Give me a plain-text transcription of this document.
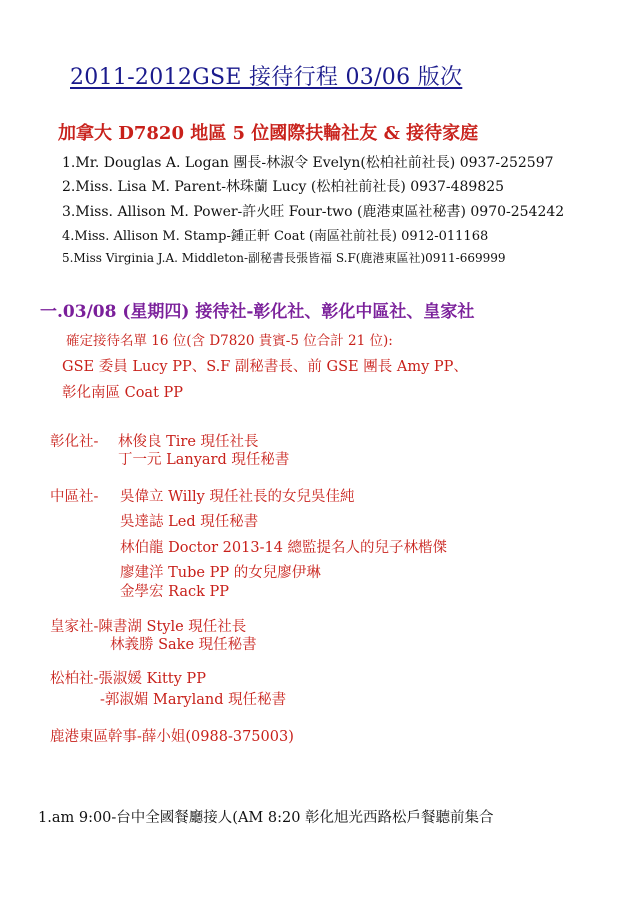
2011-2012GSE 接待行程 03/06 版次
加拿大 D7820 地區 5 位國際扶輪社友 & 接待家庭
1.Mr. Douglas A. Logan 團長-林淑令 Evelyn(松柏社前社長) 0937-252597
2.Miss. Lisa M. Parent-林珠蘭 Lucy (松柏社前社長) 0937-489825
3.Miss. Allison M. Power-許火旺 Four-two (鹿港東區社秘書) 0970-254242
4.Miss. Allison M. Stamp-鍾正軒 Coat (南區社前社長) 0912-011168
5.Miss Virginia J.A. Middleton-副秘書長張皆福 S.F(鹿港東區社)0911-669999
一.03/08 (星期四) 接待社-彰化社、彰化中區社、皇家社
確定接待名單 16 位(含 D7820 貴賓-5 位合計 21 位):
GSE 委員 Lucy PP、S.F 副秘書長、前 GSE 團長 Amy PP、
彰化南區 Coat PP
彰化社- 林俊良 Tire 現任社長
丁一元 Lanyard 現任秘書
中區社- 吳偉立 Willy 現任社長的女兒吳佳純
吳達誌 Led 現任秘書
林伯龍 Doctor 2013-14 總監提名人的兒子林楷傑
廖建洋 Tube PP 的女兒廖伊琳
金學宏 Rack PP
皇家社-陳書湖 Style 現任社長
林義勝 Sake 現任秘書
松柏社-張淑媛 Kitty PP
-郭淑媚 Maryland 現任秘書
鹿港東區幹事-薛小姐(0988-375003)
1.am 9:00-台中全國餐廳接人(AM 8:20 彰化旭光西路松戶餐聽前集合
